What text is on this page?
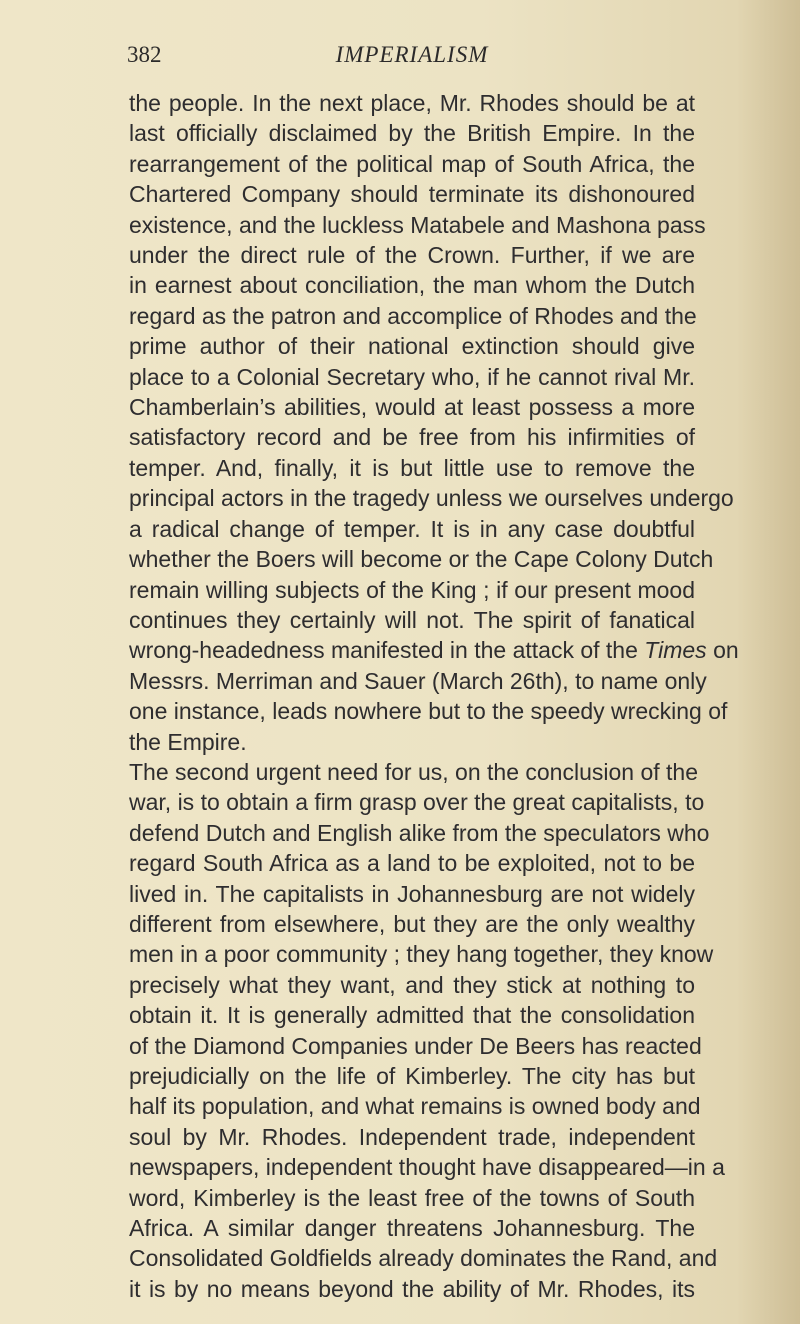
382	IMPERIALISM
the people. In the next place, Mr. Rhodes should be at
last officially disclaimed by the British Empire. In the
rearrangement of the political map of South Africa, the
Chartered Company should terminate its dishonoured
existence, and the luckless Matabele and Mashona pass
under the direct rule of the Crown. Further, if we are
in earnest about conciliation, the man whom the Dutch
regard as the patron and accomplice of Rhodes and the
prime author of their national extinction should give
place to a Colonial Secretary who, if he cannot rival Mr.
Chamberlain’s abilities, would at least possess a more
satisfactory record and be free from his infirmities of
temper. And, finally, it is but little use to remove the
principal actors in the tragedy unless we ourselves undergo
a radical change of temper. It is in any case doubtful
whether the Boers will become or the Cape Colony Dutch
remain willing subjects of the King ; if our present mood
continues they certainly will not. The spirit of fanatical
wrong-headedness manifested in the attack of the Times on
Messrs. Merriman and Sauer (March 26th), to name only
one instance, leads nowhere but to the speedy wrecking of
the Empire.
The second urgent need for us, on the conclusion of the
war, is to obtain a firm grasp over the great capitalists, to
defend Dutch and English alike from the speculators who
regard South Africa as a land to be exploited, not to be
lived in. The capitalists in Johannesburg are not widely
different from elsewhere, but they are the only wealthy
men in a poor community ; they hang together, they know
precisely what they want, and they stick at nothing to
obtain it. It is generally admitted that the consolidation
of the Diamond Companies under De Beers has reacted
prejudicially on the life of Kimberley. The city has but
half its population, and what remains is owned body and
soul by Mr. Rhodes. Independent trade, independent
newspapers, independent thought have disappeared—in a
word, Kimberley is the least free of the towns of South
Africa. A similar danger threatens Johannesburg. The
Consolidated Goldfields already dominates the Rand, and
it is by no means beyond the ability of Mr. Rhodes, its
